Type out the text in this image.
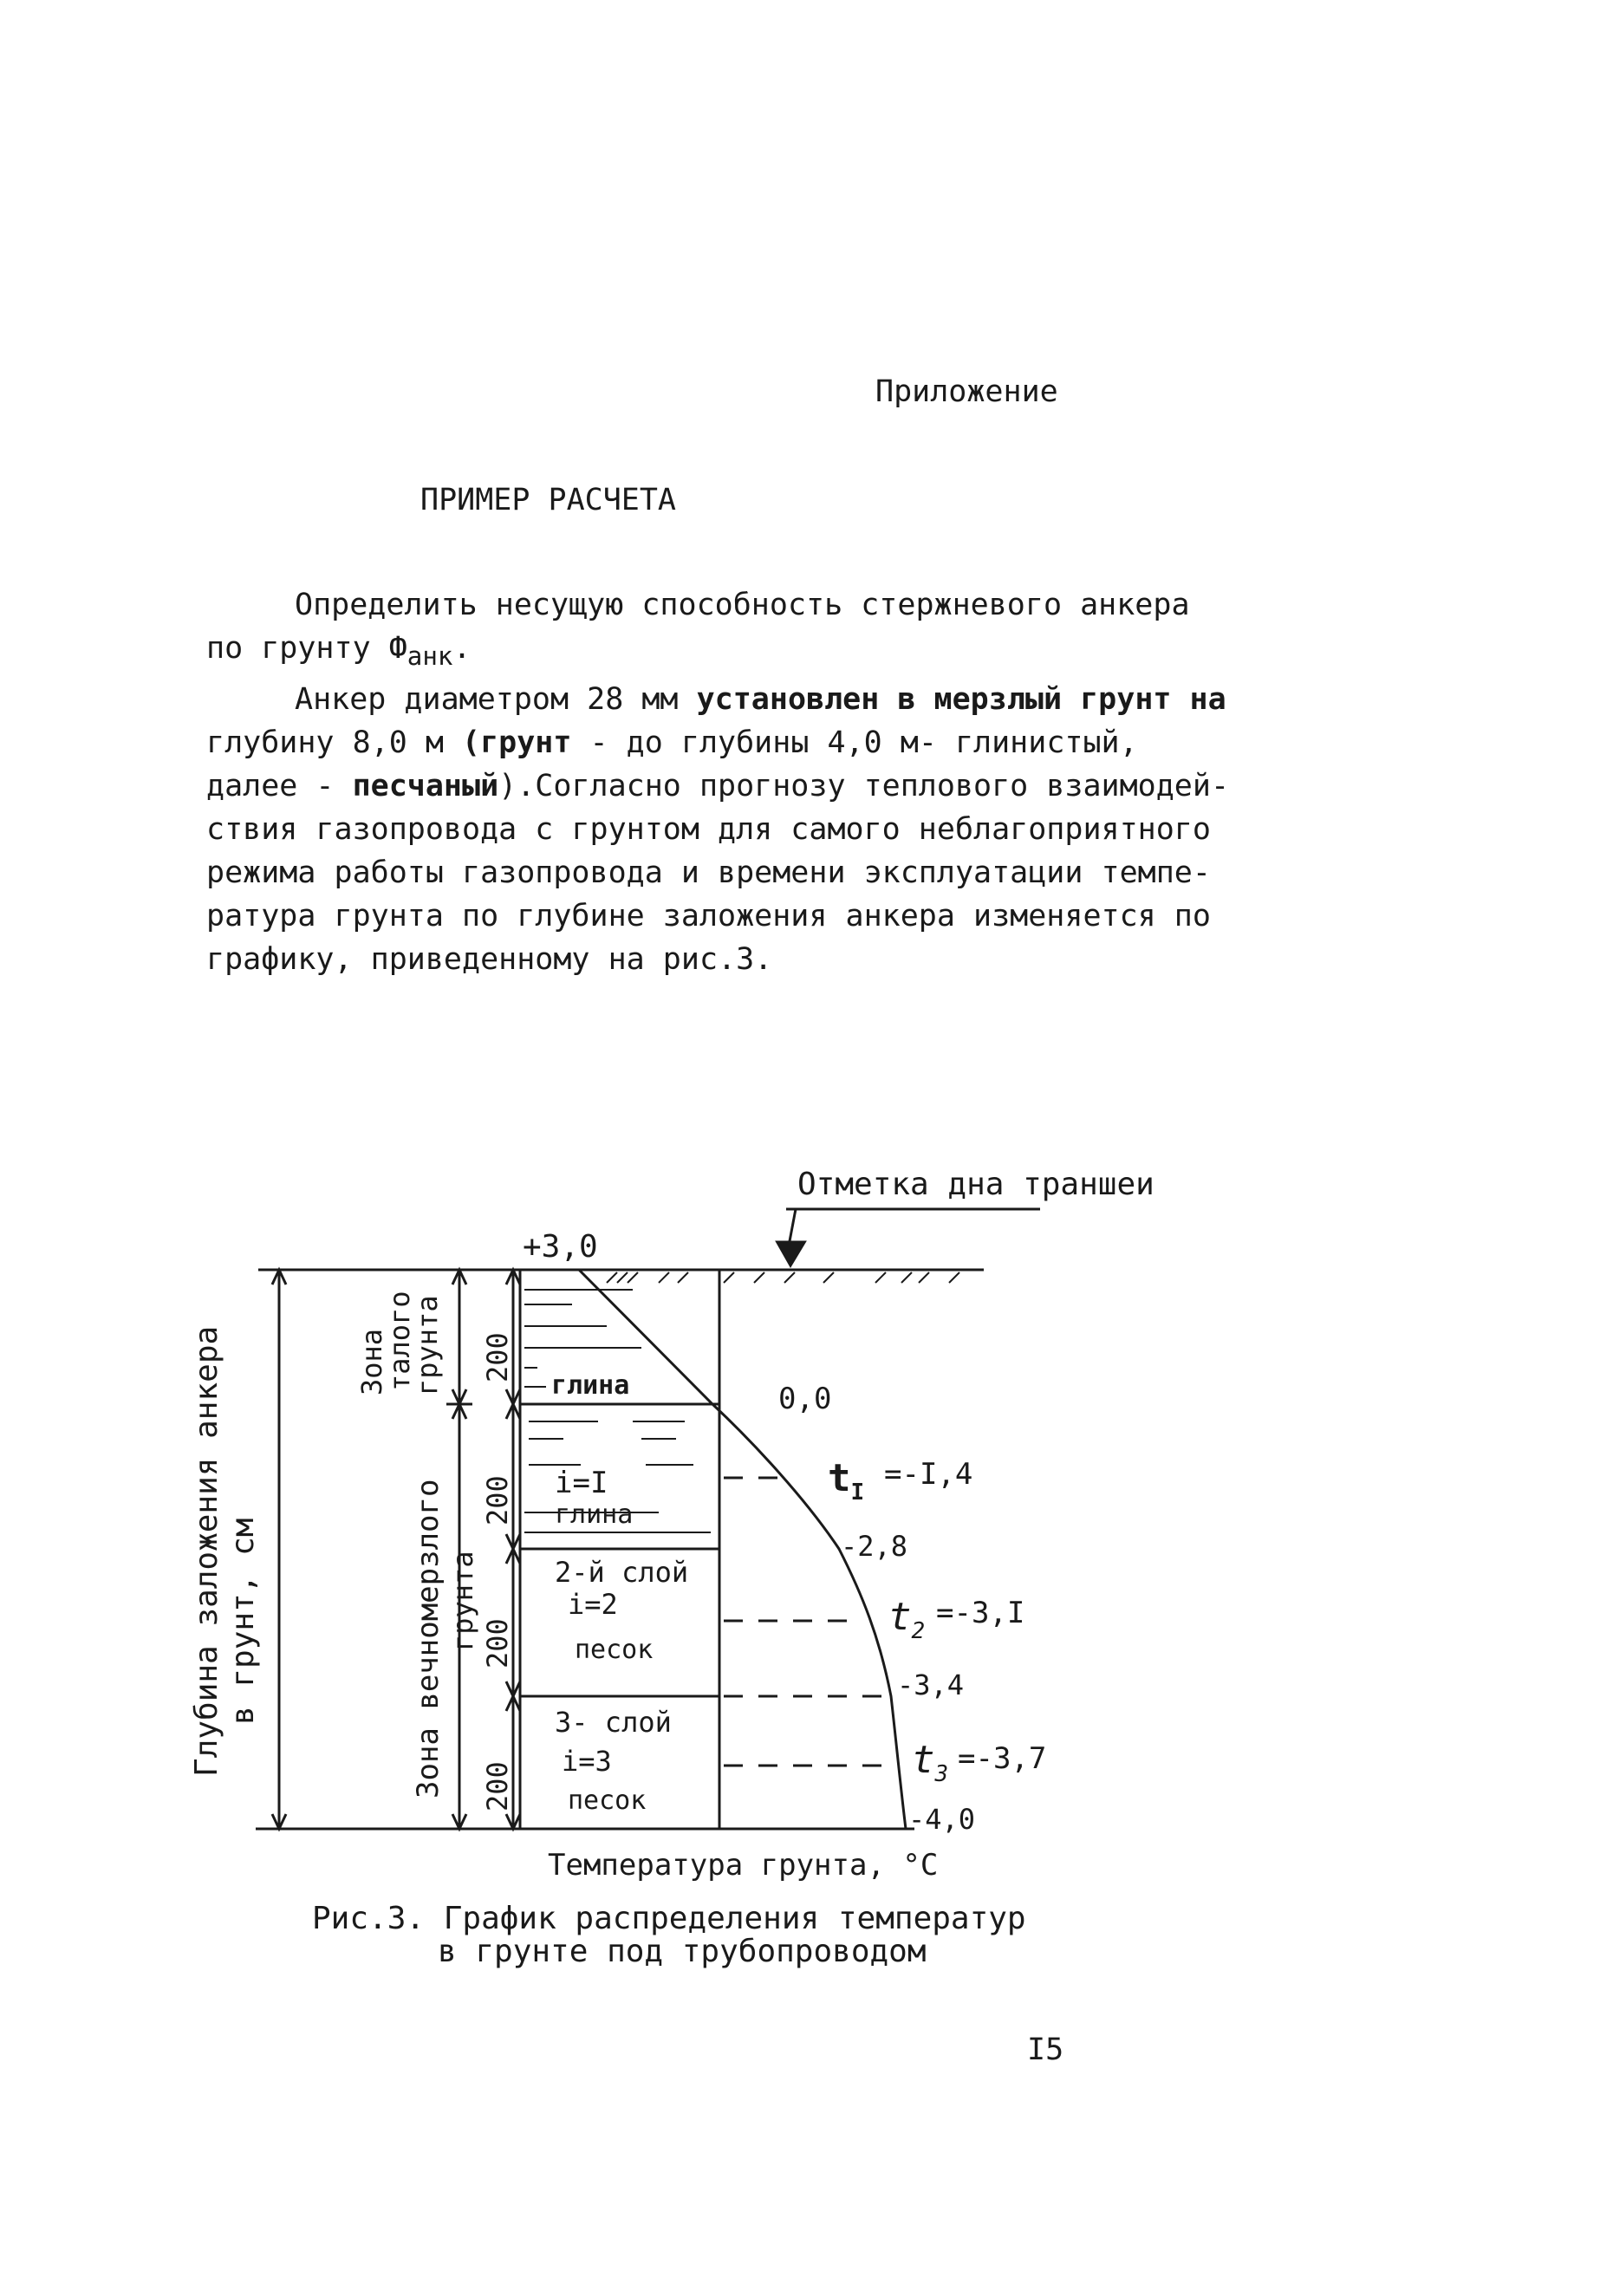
Приложение
ПРИМЕР РАСЧЕТА
Определить несущую способность стержневого анкера
по грунту $Ф_{анк}$.
Анкер диаметром 28 мм установлен в мерзлый грунт на
глубину 8,0 м (грунт - до глубины 4,0 м- глинистый,
далее - песчаный).Согласно прогнозу теплового взаимодей-
ствия газопровода с грунтом для самого неблагоприятного
режима работы газопровода и времени эксплуатации темпе-
ратура грунта по глубине заложения анкера изменяется по
графику, приведенному на рис.3.
Отметка дна траншеи
+3,0
Глубина заложения анкера в грунт, см
Зона
талого
грунта
Зона вечномерзлого грунта
200
200
200
200
глина
i=I
глина
2-й слой
i=2
песок
3- слой
i=3
песок
0,0
$t_I$
=-I,4
-2,8
$t_2$
=-3,I
-3,4
$t_3 =-3,7$
-4,0
Температура грунта, °С
Рис.3. График распределения температур
в грунте под трубопроводом
I5
